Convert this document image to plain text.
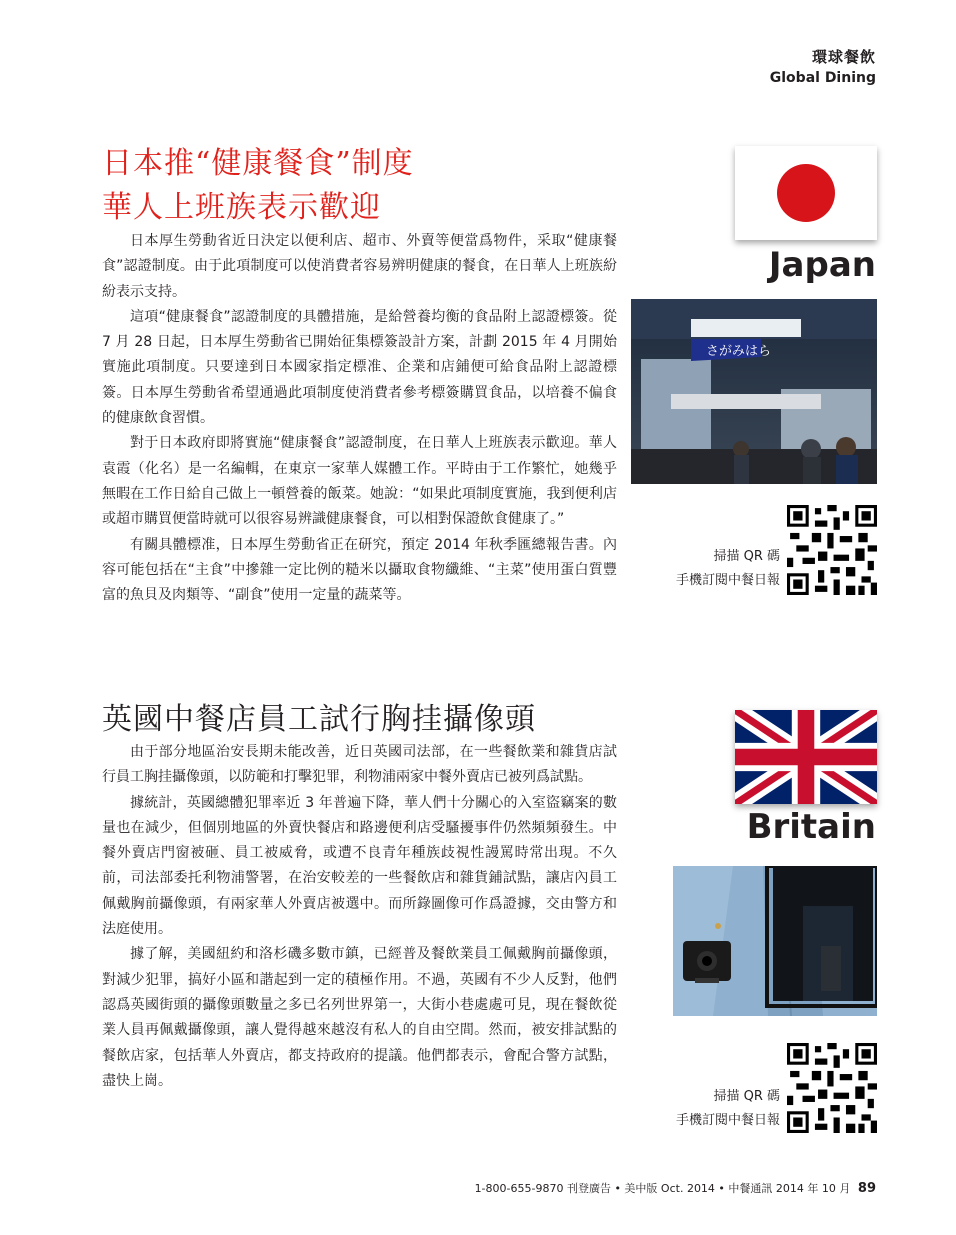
環球餐飲
Global Dining
日本推“健康餐食”制度
華人上班族表示歡迎

日本厚生勞動省近日決定以便利店、超市、外賣等便當爲物件，采取“健康餐食”認證制度。由于此項制度可以使消費者容易辨明健康的餐食，在日華人上班族紛紛表示支持。

這項“健康餐食”認證制度的具體措施，是給營養均衡的食品附上認證標簽。從 7 月 28 日起，日本厚生勞動省已開始征集標簽設計方案，計劃 2015 年 4 月開始實施此項制度。只要達到日本國家指定標准、企業和店鋪便可給食品附上認證標簽。日本厚生勞動省希望通過此項制度使消費者參考標簽購買食品，以培養不偏食的健康飲食習慣。

對于日本政府即將實施“健康餐食”認證制度，在日華人上班族表示歡迎。華人袁霞（化名）是一名編輯，在東京一家華人媒體工作。平時由于工作繁忙，她幾乎無暇在工作日給自己做上一頓營養的飯菜。她說：“如果此項制度實施，我到便利店或超市購買便當時就可以很容易辨識健康餐食，可以相對保證飲食健康了。”

有關具體標准，日本厚生勞動省正在研究，預定 2014 年秋季匯總報告書。內容可能包括在“主食”中摻雜一定比例的糙米以攝取食物纖維、“主菜”使用蛋白質豐富的魚貝及肉類等、“副食”使用一定量的蔬菜等。

Japan
さがみはら
掃描 QR 碼
手機訂閱中餐日報
英國中餐店員工試行胸挂攝像頭

由于部分地區治安長期未能改善，近日英國司法部，在一些餐飲業和雜貨店試行員工胸挂攝像頭，以防範和打擊犯罪，利物浦兩家中餐外賣店已被列爲試點。

據統計，英國總體犯罪率近 3 年普遍下降，華人們十分關心的入室盜竊案的數量也在減少，但個別地區的外賣快餐店和路邊便利店受騷擾事件仍然頻頻發生。中餐外賣店門窗被砸、員工被威脅，或遭不良青年種族歧視性謾罵時常出現。不久前，司法部委托利物浦警署，在治安較差的一些餐飲店和雜貨鋪試點，讓店內員工佩戴胸前攝像頭，有兩家華人外賣店被選中。而所錄圖像可作爲證據，交由警方和法庭使用。

據了解，美國紐約和洛杉磯多數市鎮，已經普及餐飲業員工佩戴胸前攝像頭，對減少犯罪，搞好小區和諧起到一定的積極作用。不過，英國有不少人反對，他們認爲英國街頭的攝像頭數量之多已名列世界第一，大街小巷處處可見，現在餐飲從業人員再佩戴攝像頭，讓人覺得越來越沒有私人的自由空間。然而，被安排試點的餐飲店家，包括華人外賣店，都支持政府的提議。他們都表示，會配合警方試點，盡快上崗。

Britain
掃描 QR 碼
手機訂閱中餐日報
1-800-655-9870 刊登廣告 • 美中版 Oct. 2014 • 中餐通訊 2014 年 10 月 89
